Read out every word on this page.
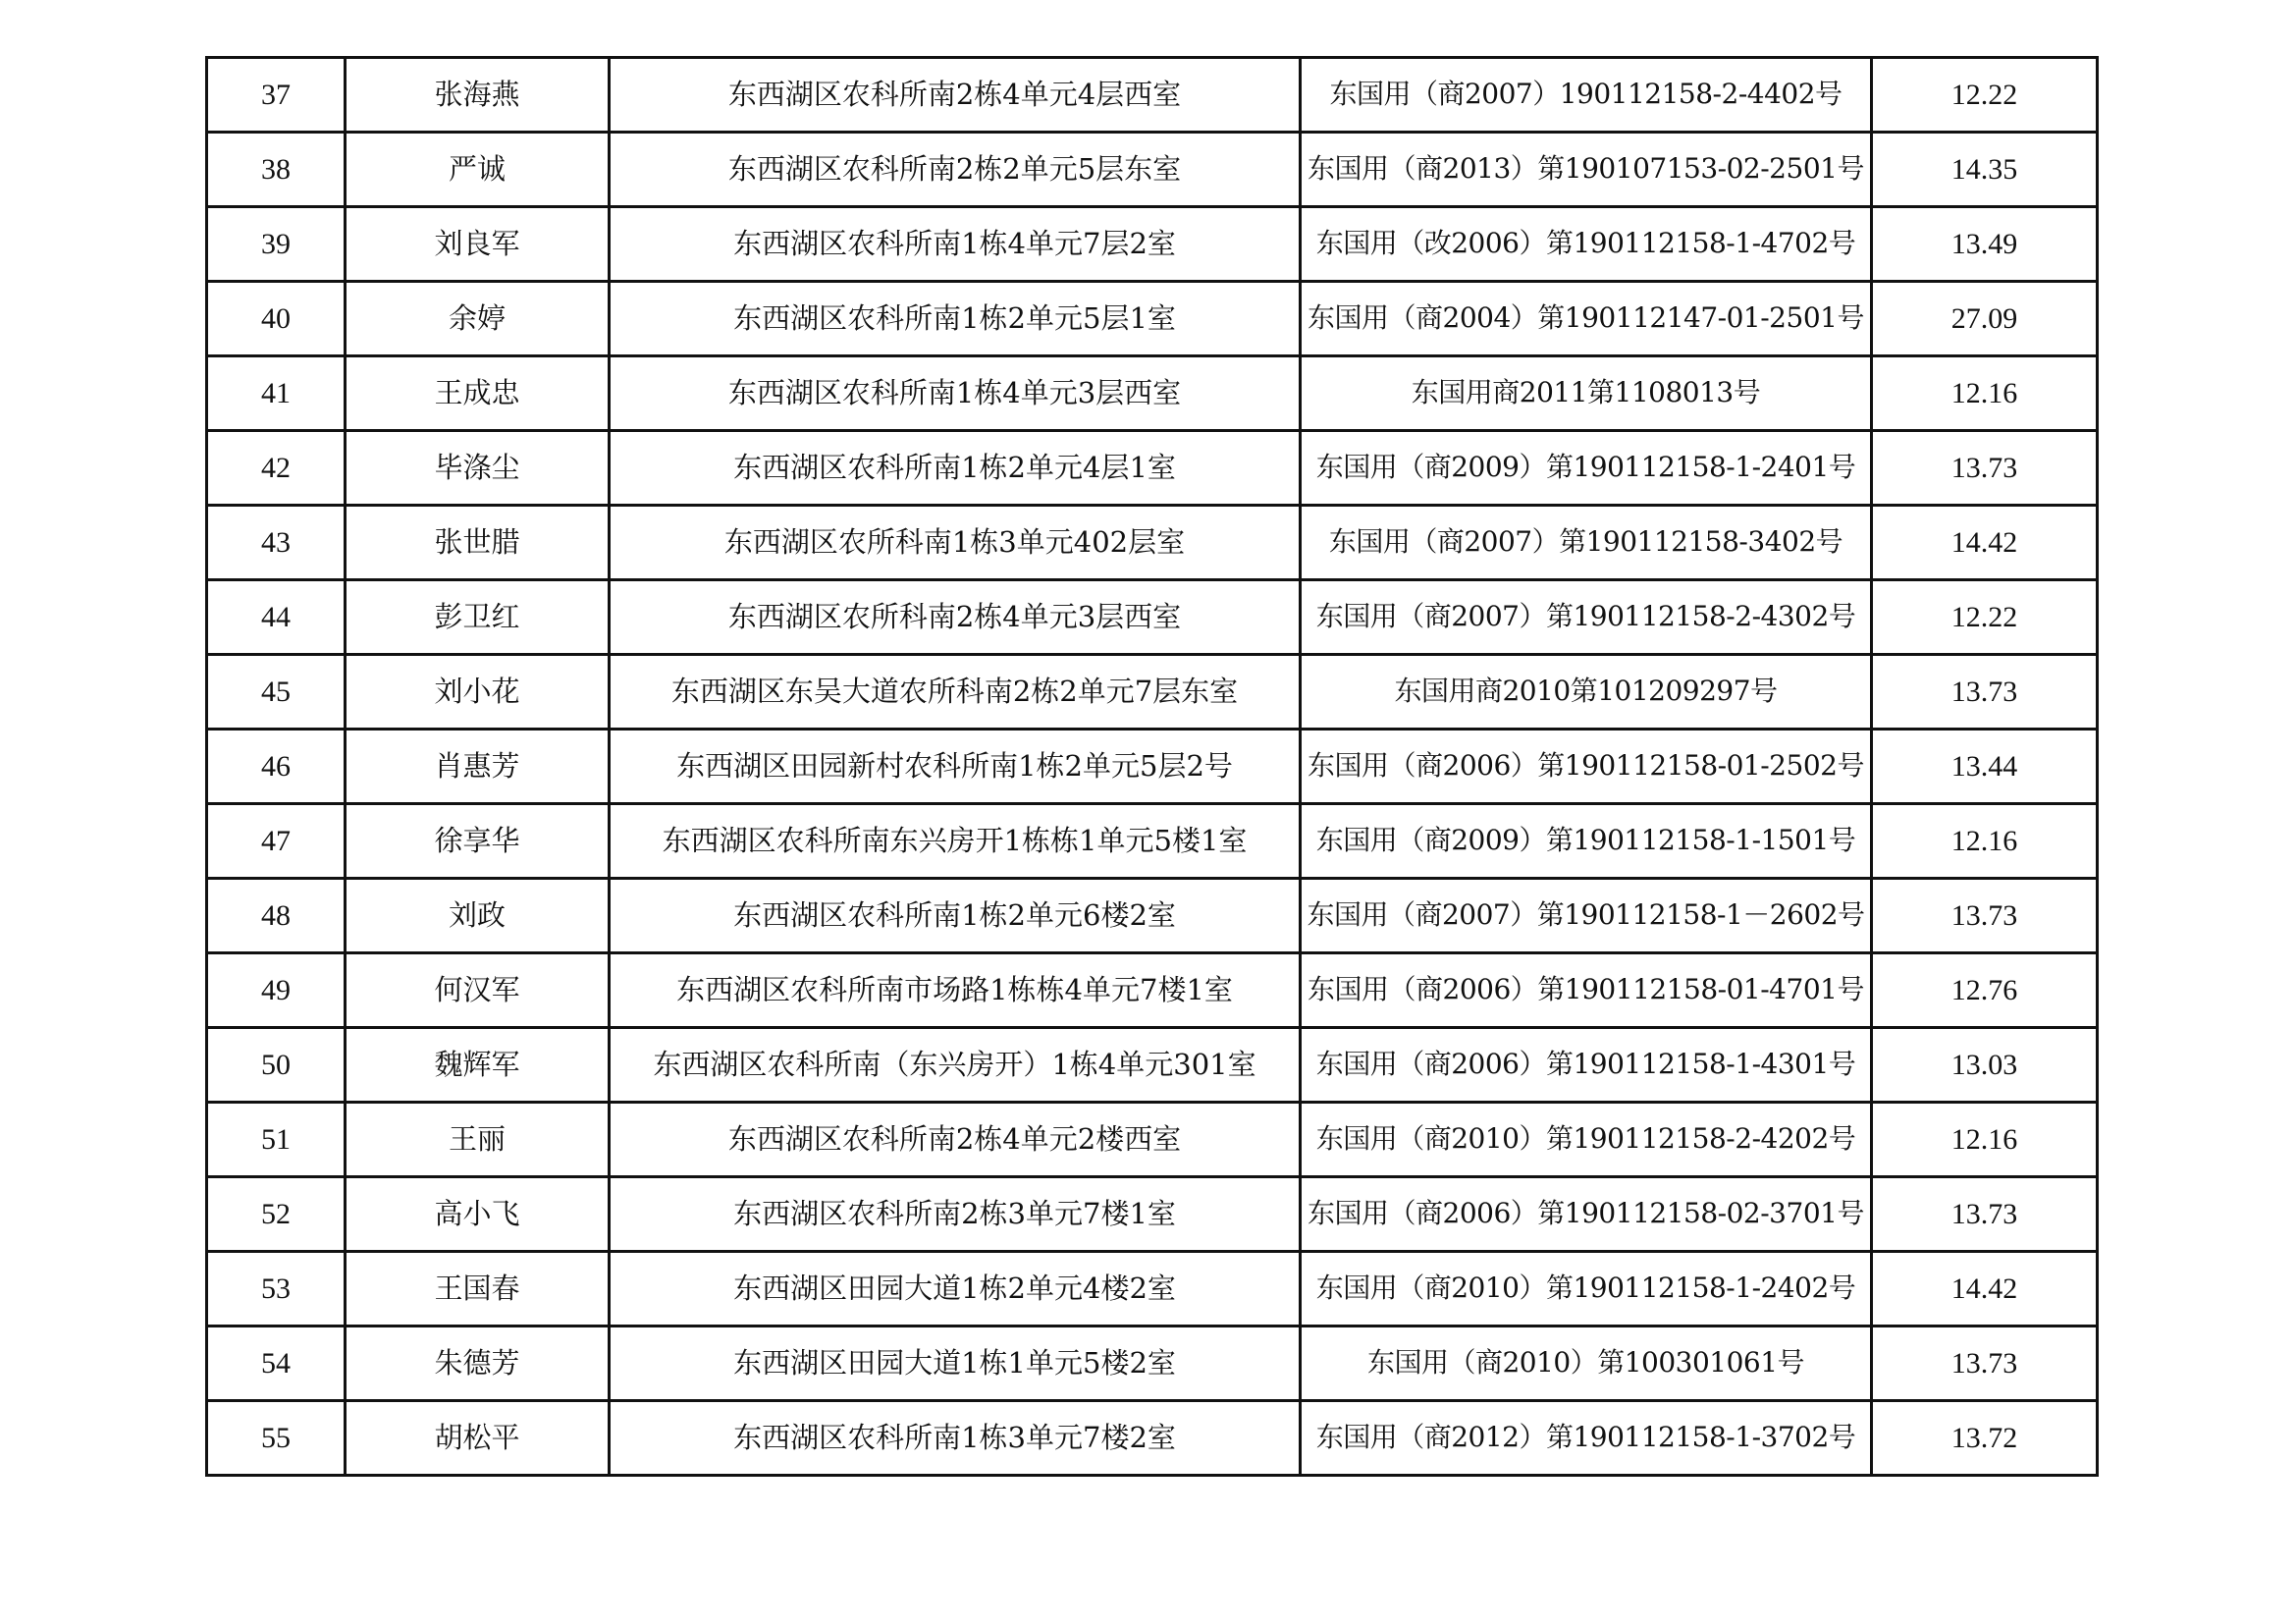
37	张海燕	东西湖区农科所南2栋4单元4层西室	东国用（商2007）190112158-2-4402号	12.22
38	严诚	东西湖区农科所南2栋2单元5层东室	东国用（商2013）第190107153-02-2501号	14.35
39	刘良军	东西湖区农科所南1栋4单元7层2室	东国用（改2006）第190112158-1-4702号	13.49
40	余婷	东西湖区农科所南1栋2单元5层1室	东国用（商2004）第190112147-01-2501号	27.09
41	王成忠	东西湖区农科所南1栋4单元3层西室	东国用商2011第1108013号	12.16
42	毕涤尘	东西湖区农科所南1栋2单元4层1室	东国用（商2009）第190112158-1-2401号	13.73
43	张世腊	东西湖区农所科南1栋3单元402层室	东国用（商2007）第190112158-3402号	14.42
44	彭卫红	东西湖区农所科南2栋4单元3层西室	东国用（商2007）第190112158-2-4302号	12.22
45	刘小花	东西湖区东吴大道农所科南2栋2单元7层东室	东国用商2010第101209297号	13.73
46	肖惠芳	东西湖区田园新村农科所南1栋2单元5层2号	东国用（商2006）第190112158-01-2502号	13.44
47	徐享华	东西湖区农科所南东兴房开1栋栋1单元5楼1室	东国用（商2009）第190112158-1-1501号	12.16
48	刘政	东西湖区农科所南1栋2单元6楼2室	东国用（商2007）第190112158-1－2602号	13.73
49	何汉军	东西湖区农科所南市场路1栋栋4单元7楼1室	东国用（商2006）第190112158-01-4701号	12.76
50	魏辉军	东西湖区农科所南（东兴房开）1栋4单元301室	东国用（商2006）第190112158-1-4301号	13.03
51	王丽	东西湖区农科所南2栋4单元2楼西室	东国用（商2010）第190112158-2-4202号	12.16
52	高小飞	东西湖区农科所南2栋3单元7楼1室	东国用（商2006）第190112158-02-3701号	13.73
53	王国春	东西湖区田园大道1栋2单元4楼2室	东国用（商2010）第190112158-1-2402号	14.42
54	朱德芳	东西湖区田园大道1栋1单元5楼2室	东国用（商2010）第100301061号	13.73
55	胡松平	东西湖区农科所南1栋3单元7楼2室	东国用（商2012）第190112158-1-3702号	13.72
